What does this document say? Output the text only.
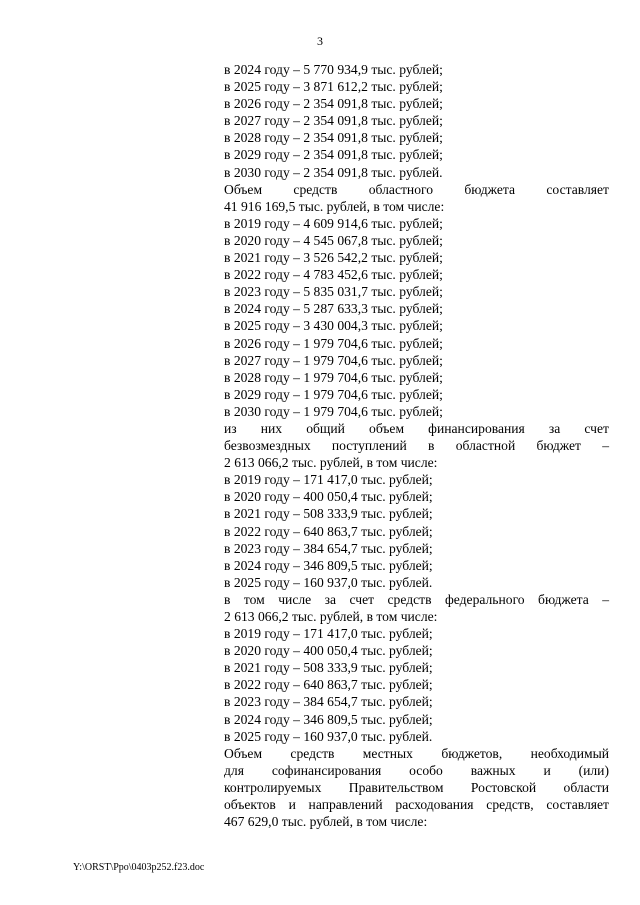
3
в 2024 году – 5 770 934,9 тыс. рублей;
в 2025 году – 3 871 612,2 тыс. рублей;
в 2026 году – 2 354 091,8 тыс. рублей;
в 2027 году – 2 354 091,8 тыс. рублей;
в 2028 году – 2 354 091,8 тыс. рублей;
в 2029 году – 2 354 091,8 тыс. рублей;
в 2030 году – 2 354 091,8 тыс. рублей.
Объем средств областного бюджета составляет
41 916 169,5 тыс. рублей, в том числе:
в 2019 году – 4 609 914,6 тыс. рублей;
в 2020 году – 4 545 067,8 тыс. рублей;
в 2021 году – 3 526 542,2 тыс. рублей;
в 2022 году – 4 783 452,6 тыс. рублей;
в 2023 году – 5 835 031,7 тыс. рублей;
в 2024 году – 5 287 633,3 тыс. рублей;
в 2025 году – 3 430 004,3 тыс. рублей;
в 2026 году – 1 979 704,6 тыс. рублей;
в 2027 году – 1 979 704,6 тыс. рублей;
в 2028 году – 1 979 704,6 тыс. рублей;
в 2029 году – 1 979 704,6 тыс. рублей;
в 2030 году – 1 979 704,6 тыс. рублей;
из них общий объем финансирования за счет
безвозмездных поступлений в областной бюджет –
2 613 066,2 тыс. рублей, в том числе:
в 2019 году – 171 417,0 тыс. рублей;
в 2020 году – 400 050,4 тыс. рублей;
в 2021 году – 508 333,9 тыс. рублей;
в 2022 году – 640 863,7 тыс. рублей;
в 2023 году – 384 654,7 тыс. рублей;
в 2024 году – 346 809,5 тыс. рублей;
в 2025 году – 160 937,0 тыс. рублей.
в том числе за счет средств федерального бюджета –
2 613 066,2 тыс. рублей, в том числе:
в 2019 году – 171 417,0 тыс. рублей;
в 2020 году – 400 050,4 тыс. рублей;
в 2021 году – 508 333,9 тыс. рублей;
в 2022 году – 640 863,7 тыс. рублей;
в 2023 году – 384 654,7 тыс. рублей;
в 2024 году – 346 809,5 тыс. рублей;
в 2025 году – 160 937,0 тыс. рублей.
Объем средств местных бюджетов, необходимый
для софинансирования особо важных и (или)
контролируемых Правительством Ростовской области
объектов и направлений расходования средств, составляет
467 629,0 тыс. рублей, в том числе:
Y:\ORST\Ppo\0403p252.f23.doc
